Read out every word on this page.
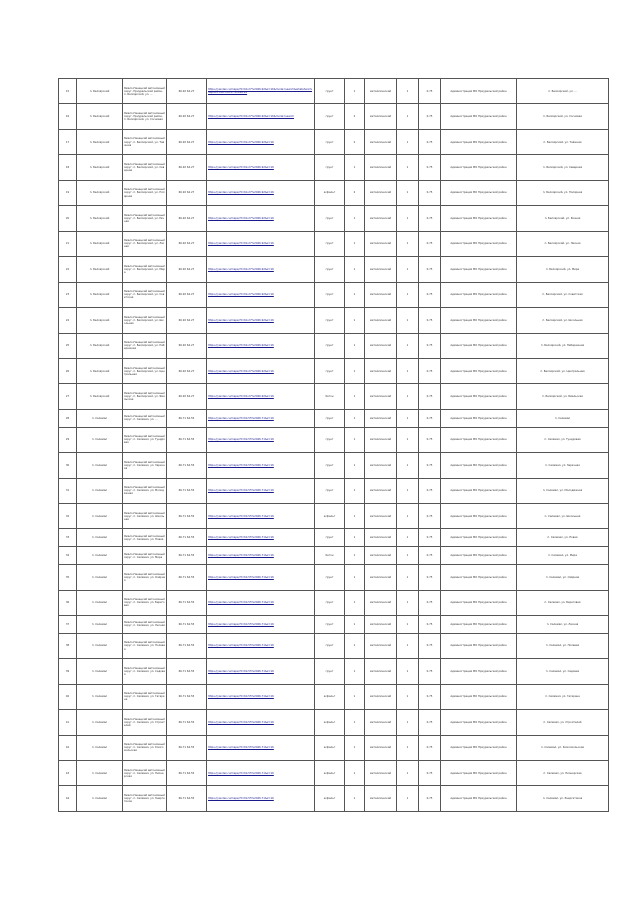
15	п. Белоярский	Ямало-Ненецкий автономный округ, Приуральский район, п. Белоярский, ул. ...	66.92 64.27	https://yandex.ru/maps/?ll=64.27%2C66.92&z=16&mode=search&whatshere%5Bpoint%5D=64.27%2C66.92	грунт	1	металлический	1	0,75	Администрация МО Приуральский район	п. Белоярский, ул. ...
16	п. Белоярский	Ямало-Ненецкий автономный округ, Приуральский район, п. Белоярский, ул. Сосновая	66.92 64.27	https://yandex.ru/maps/?ll=64.27%2C66.92&z=16&mode=search	грунт	2	металлический	1	0,75	Администрация МО Приуральский район	п. Белоярский, ул. Сосновая
17	п. Белоярский	Ямало-Ненецкий автономный округ, п. Белоярский, ул. Таёжная	66.92 64.27	https://yandex.ru/maps/?ll=64.27%2C66.92&z=16	грунт	2	металлический	1	0,75	Администрация МО Приуральский район	п. Белоярский, ул. Таёжная
18	п. Белоярский	Ямало-Ненецкий автономный округ, п. Белоярский, ул. Северная	66.92 64.27	https://yandex.ru/maps/?ll=64.27%2C66.92&z=16	грунт	1	металлический	1	0,75	Администрация МО Приуральский район	п. Белоярский, ул. Северная
19	п. Белоярский	Ямало-Ненецкий автономный округ, п. Белоярский, ул. Полярная	66.92 64.27	https://yandex.ru/maps/?ll=64.27%2C66.92&z=16	асфальт	2	металлический	1	0,75	Администрация МО Приуральский район	п. Белоярский, ул. Полярная
20	п. Белоярский	Ямало-Ненецкий автономный округ, п. Белоярский, ул. Речная	66.92 64.27	https://yandex.ru/maps/?ll=64.27%2C66.92&z=16	грунт	1	металлический	1	0,75	Администрация МО Приуральский район	п. Белоярский, ул. Речная
21	п. Белоярский	Ямало-Ненецкий автономный округ, п. Белоярский, ул. Лесная	66.92 64.27	https://yandex.ru/maps/?ll=64.27%2C66.92&z=16	грунт	1	металлический	1	0,75	Администрация МО Приуральский район	п. Белоярский, ул. Лесная
22	п. Белоярский	Ямало-Ненецкий автономный округ, п. Белоярский, ул. Мира	66.92 64.27	https://yandex.ru/maps/?ll=64.27%2C66.92&z=16	грунт	1	металлический	1	0,75	Администрация МО Приуральский район	п. Белоярский, ул. Мира
23	п. Белоярский	Ямало-Ненецкий автономный округ, п. Белоярский, ул. Советская	66.92 64.27	https://yandex.ru/maps/?ll=64.27%2C66.92&z=16	грунт	1	металлический	1	0,75	Администрация МО Приуральский район	п. Белоярский, ул. Советская
24	п. Белоярский	Ямало-Ненецкий автономный округ, п. Белоярский, ул. Школьная	66.92 64.27	https://yandex.ru/maps/?ll=64.27%2C66.92&z=16	грунт	1	металлический	1	0,75	Администрация МО Приуральский район	п. Белоярский, ул. Школьная
25	п. Белоярский	Ямало-Ненецкий автономный округ, п. Белоярский, ул. Набережная	66.92 64.27	https://yandex.ru/maps/?ll=64.27%2C66.92&z=16	грунт	1	металлический	1	0,75	Администрация МО Приуральский район	п. Белоярский, ул. Набережная
26	п. Белоярский	Ямало-Ненецкий автономный округ, п. Белоярский, ул. Центральная	66.92 64.27	https://yandex.ru/maps/?ll=64.27%2C66.92&z=16	грунт	1	металлический	1	0,75	Администрация МО Приуральский район	п. Белоярский, ул. Центральная
27	п. Белоярский	Ямало-Ненецкий автономный округ, п. Белоярский, ул. Ямальская	66.92 64.27	https://yandex.ru/maps/?ll=64.27%2C66.92&z=16	бетон	1	металлический	1	0,75	Администрация МО Приуральский район	п. Белоярский, ул. Ямальская
28	п. Салемал	Ямало-Ненецкий автономный округ, п. Салемал, ул. ...	66.71 64.55	https://yandex.ru/maps/?ll=64.55%2C66.71&z=16	грунт	1	металлический	1	0,75	Администрация МО Приуральский район	п. Салемал
29	п. Салемал	Ямало-Ненецкий автономный округ, п. Салемал, ул. Тундровая	66.71 64.55	https://yandex.ru/maps/?ll=64.55%2C66.71&z=16	грунт	1	металлический	1	0,75	Администрация МО Приуральский район	п. Салемал, ул. Тундровая
30	п. Салемал	Ямало-Ненецкий автономный округ, п. Салемал, ул. Заречная	66.71 64.55	https://yandex.ru/maps/?ll=64.55%2C66.71&z=16	грунт	1	металлический	1	0,75	Администрация МО Приуральский район	п. Салемал, ул. Заречная
31	п. Салемал	Ямало-Ненецкий автономный округ, п. Салемал, ул. Молодёжная	66.71 64.55	https://yandex.ru/maps/?ll=64.55%2C66.71&z=16	грунт	1	металлический	1	0,75	Администрация МО Приуральский район	п. Салемал, ул. Молодёжная
32	п. Салемал	Ямало-Ненецкий автономный округ, п. Салемал, ул. Школьная	66.71 64.55	https://yandex.ru/maps/?ll=64.55%2C66.71&z=16	асфальт	1	металлический	1	0,75	Администрация МО Приуральский район	п. Салемал, ул. Школьная
33	п. Салемал	Ямало-Ненецкий автономный округ, п. Салемал, ул. Новая	66.71 64.55	https://yandex.ru/maps/?ll=64.55%2C66.71&z=16	грунт	1	металлический	1	0,75	Администрация МО Приуральский район	п. Салемал, ул. Новая
34	п. Салемал	Ямало-Ненецкий автономный округ, п. Салемал, ул. Мира	66.71 64.55	https://yandex.ru/maps/?ll=64.55%2C66.71&z=16	бетон	1	металлический	1	0,75	Администрация МО Приуральский район	п. Салемал, ул. Мира
35	п. Салемал	Ямало-Ненецкий автономный округ, п. Салемал, ул. Озёрная	66.71 64.55	https://yandex.ru/maps/?ll=64.55%2C66.71&z=16	грунт	1	металлический	1	0,75	Администрация МО Приуральский район	п. Салемал, ул. Озёрная
36	п. Салемал	Ямало-Ненецкий автономный округ, п. Салемал, ул. Береговая	66.71 64.55	https://yandex.ru/maps/?ll=64.55%2C66.71&z=16	грунт	1	металлический	1	0,75	Администрация МО Приуральский район	п. Салемал, ул. Береговая
37	п. Салемал	Ямало-Ненецкий автономный округ, п. Салемал, ул. Лесная	66.71 64.55	https://yandex.ru/maps/?ll=64.55%2C66.71&z=16	грунт	1	металлический	1	0,75	Администрация МО Приуральский район	п. Салемал, ул. Лесная
38	п. Салемал	Ямало-Ненецкий автономный округ, п. Салемал, ул. Полевая	66.71 64.55	https://yandex.ru/maps/?ll=64.55%2C66.71&z=16	грунт	1	металлический	1	0,75	Администрация МО Приуральский район	п. Салемал, ул. Полевая
39	п. Салемал	Ямало-Ненецкий автономный округ, п. Салемал, ул. Садовая	66.71 64.55	https://yandex.ru/maps/?ll=64.55%2C66.71&z=16	грунт	1	металлический	1	0,75	Администрация МО Приуральский район	п. Салемал, ул. Садовая
40	п. Салемал	Ямало-Ненецкий автономный округ, п. Салемал, ул. Гагарина	66.71 64.55	https://yandex.ru/maps/?ll=64.55%2C66.71&z=16	асфальт	1	металлический	1	0,75	Администрация МО Приуральский район	п. Салемал, ул. Гагарина
41	п. Салемал	Ямало-Ненецкий автономный округ, п. Салемал, ул. Строителей	66.71 64.55	https://yandex.ru/maps/?ll=64.55%2C66.71&z=16	асфальт	1	металлический	1	0,75	Администрация МО Приуральский район	п. Салемал, ул. Строителей
42	п. Салемал	Ямало-Ненецкий автономный округ, п. Салемал, ул. Комсомольская	66.71 64.55	https://yandex.ru/maps/?ll=64.55%2C66.71&z=16	асфальт	1	металлический	1	0,75	Администрация МО Приуральский район	п. Салемал, ул. Комсомольская
43	п. Салемал	Ямало-Ненецкий автономный округ, п. Салемал, ул. Пионерская	66.71 64.55	https://yandex.ru/maps/?ll=64.55%2C66.71&z=16	асфальт	1	металлический	1	0,75	Администрация МО Приуральский район	п. Салемал, ул. Пионерская
44	п. Салемал	Ямало-Ненецкий автономный округ, п. Салемал, ул. Энергетиков	66.71 64.55	https://yandex.ru/maps/?ll=64.55%2C66.71&z=16	асфальт	1	металлический	1	0,75	Администрация МО Приуральский район	п. Салемал, ул. Энергетиков
